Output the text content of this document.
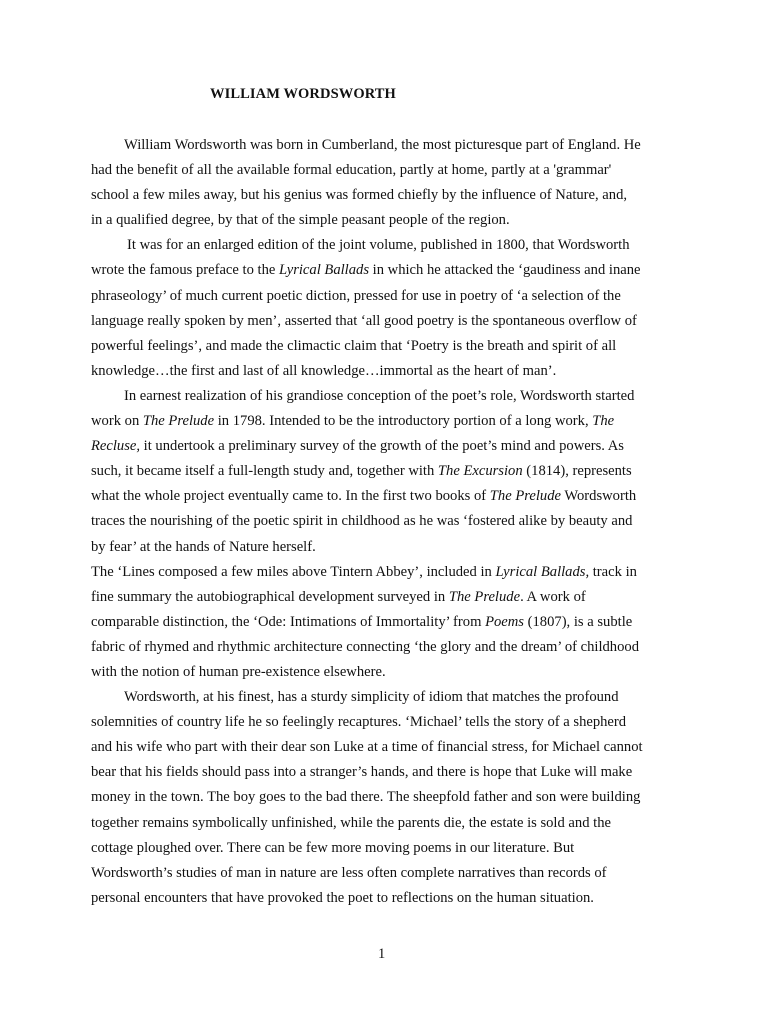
WILLIAM WORDSWORTH
William Wordsworth was born in Cumberland, the most picturesque part of England. He
had the benefit of all the available formal education, partly at home, partly at a 'grammar'
school a few miles away, but his genius was formed chiefly by the influence of Nature, and,
in a qualified degree, by that of the simple peasant people of the region.
It was for an enlarged edition of the joint volume, published in 1800, that Wordsworth
wrote the famous preface to the Lyrical Ballads in which he attacked the ‘gaudiness and inane
phraseology’ of much current poetic diction, pressed for use in poetry of ‘a selection of the
language really spoken by men’, asserted that ‘all good poetry is the spontaneous overflow of
powerful feelings’, and made the climactic claim that ‘Poetry is the breath and spirit of all
knowledge…the first and last of all knowledge…immortal as the heart of man’.
In earnest realization of his grandiose conception of the poet’s role, Wordsworth started
work on The Prelude in 1798. Intended to be the introductory portion of a long work, The
Recluse, it undertook a preliminary survey of the growth of the poet’s mind and powers. As
such, it became itself a full-length study and, together with The Excursion (1814), represents
what the whole project eventually came to. In the first two books of The Prelude Wordsworth
traces the nourishing of the poetic spirit in childhood as he was ‘fostered alike by beauty and
by fear’ at the hands of Nature herself.
The ‘Lines composed a few miles above Tintern Abbey’, included in Lyrical Ballads, track in
fine summary the autobiographical development surveyed in The Prelude. A work of
comparable distinction, the ‘Ode: Intimations of Immortality’ from Poems (1807), is a subtle
fabric of rhymed and rhythmic architecture connecting ‘the glory and the dream’ of childhood
with the notion of human pre-existence elsewhere.
Wordsworth, at his finest, has a sturdy simplicity of idiom that matches the profound
solemnities of country life he so feelingly recaptures. ‘Michael’ tells the story of a shepherd
and his wife who part with their dear son Luke at a time of financial stress, for Michael cannot
bear that his fields should pass into a stranger’s hands, and there is hope that Luke will make
money in the town. The boy goes to the bad there. The sheepfold father and son were building
together remains symbolically unfinished, while the parents die, the estate is sold and the
cottage ploughed over. There can be few more moving poems in our literature. But
Wordsworth’s studies of man in nature are less often complete narratives than records of
personal encounters that have provoked the poet to reflections on the human situation.
1
